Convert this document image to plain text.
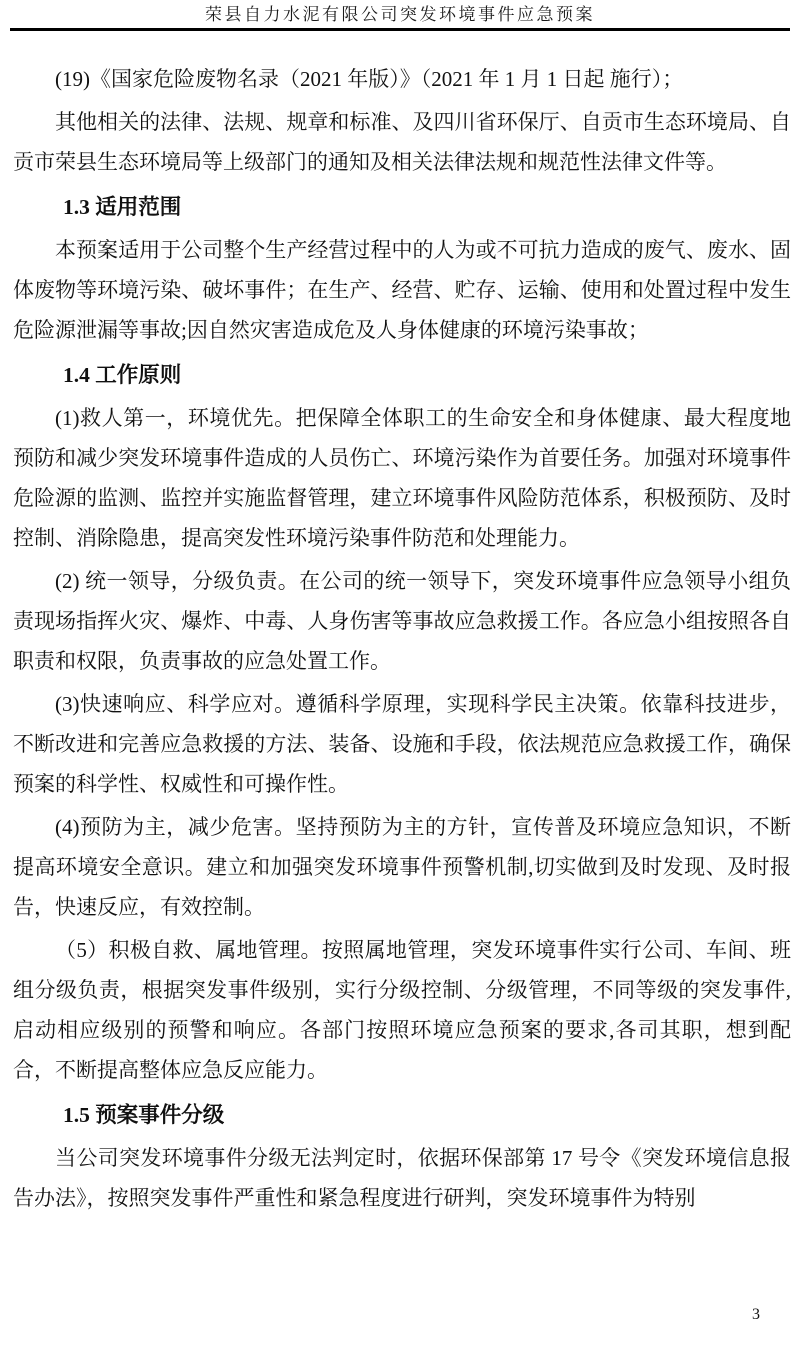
荣县自力水泥有限公司突发环境事件应急预案

(19)《国家危险废物名录（2021 年版）》（2021 年 1 月 1 日起 施行）；

其他相关的法律、法规、规章和标准、及四川省环保厅、自贡市生态环境局、自贡市荣县生态环境局等上级部门的通知及相关法律法规和规范性法律文件等。

1.3 适用范围

本预案适用于公司整个生产经营过程中的人为或不可抗力造成的废气、废水、固体废物等环境污染、破坏事件；在生产、经营、贮存、运输、使用和处置过程中发生危险源泄漏等事故;因自然灾害造成危及人身体健康的环境污染事故；

1.4 工作原则

(1)救人第一，环境优先。把保障全体职工的生命安全和身体健康、最大程度地预防和减少突发环境事件造成的人员伤亡、环境污染作为首要任务。加强对环境事件危险源的监测、监控并实施监督管理，建立环境事件风险防范体系，积极预防、及时控制、消除隐患，提高突发性环境污染事件防范和处理能力。

(2) 统一领导，分级负责。在公司的统一领导下，突发环境事件应急领导小组负责现场指挥火灾、爆炸、中毒、人身伤害等事故应急救援工作。各应急小组按照各自职责和权限，负责事故的应急处置工作。

(3)快速响应、科学应对。遵循科学原理，实现科学民主决策。依靠科技进步，不断改进和完善应急救援的方法、装备、设施和手段，依法规范应急救援工作，确保预案的科学性、权威性和可操作性。

(4)预防为主，减少危害。坚持预防为主的方针，宣传普及环境应急知识，不断提高环境安全意识。建立和加强突发环境事件预警机制,切实做到及时发现、及时报告，快速反应，有效控制。

（5）积极自救、属地管理。按照属地管理，突发环境事件实行公司、车间、班组分级负责，根据突发事件级别，实行分级控制、分级管理，不同等级的突发事件,启动相应级别的预警和响应。各部门按照环境应急预案的要求,各司其职，想到配合，不断提高整体应急反应能力。

1.5 预案事件分级

当公司突发环境事件分级无法判定时，依据环保部第 17 号令《突发环境信息报告办法》，按照突发事件严重性和紧急程度进行研判，突发环境事件为特别

3
